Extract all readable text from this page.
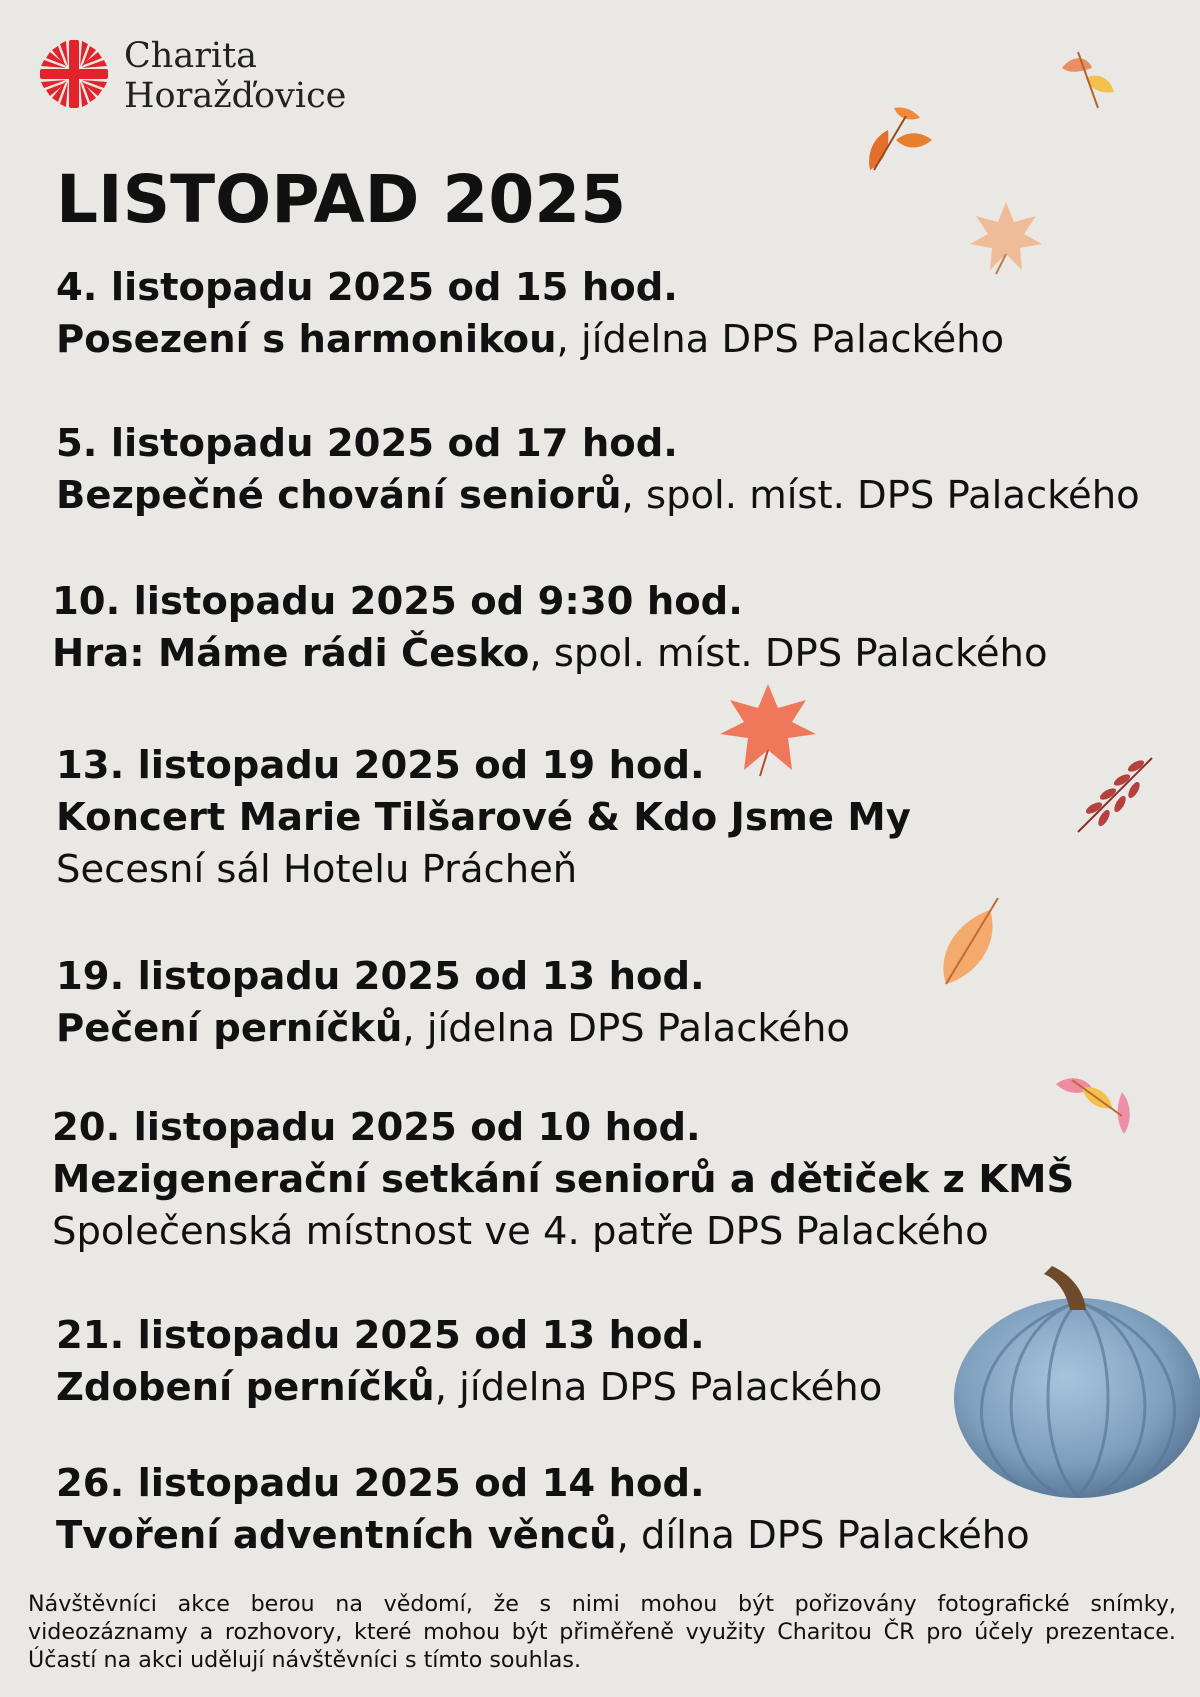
Charita
Horažďovice
LISTOPAD 2025
4. listopadu 2025 od 15 hod.
Posezení s harmonikou, jídelna DPS Palackého
5. listopadu 2025 od 17 hod.
Bezpečné chování seniorů, spol. míst. DPS Palackého
10. listopadu 2025 od 9:30 hod.
Hra: Máme rádi Česko, spol. míst. DPS Palackého
13. listopadu 2025 od 19 hod.
Koncert Marie Tilšarové & Kdo Jsme My
Secesní sál Hotelu Prácheň
19. listopadu 2025 od 13 hod.
Pečení perníčků, jídelna DPS Palackého
20. listopadu 2025 od 10 hod.
Mezigenerační setkání seniorů a dětiček z KMŠ
Společenská místnost ve 4. patře DPS Palackého
21. listopadu 2025 od 13 hod.
Zdobení perníčků, jídelna DPS Palackého
26. listopadu 2025 od 14 hod.
Tvoření adventních věnců, dílna DPS Palackého
Návštěvníci akce berou na vědomí, že s nimi mohou být pořizovány fotografické snímky, videozáznamy a rozhovory, které mohou být přiměřeně využity Charitou ČR pro účely prezentace. Účastí na akci udělují návštěvníci s tímto souhlas.
